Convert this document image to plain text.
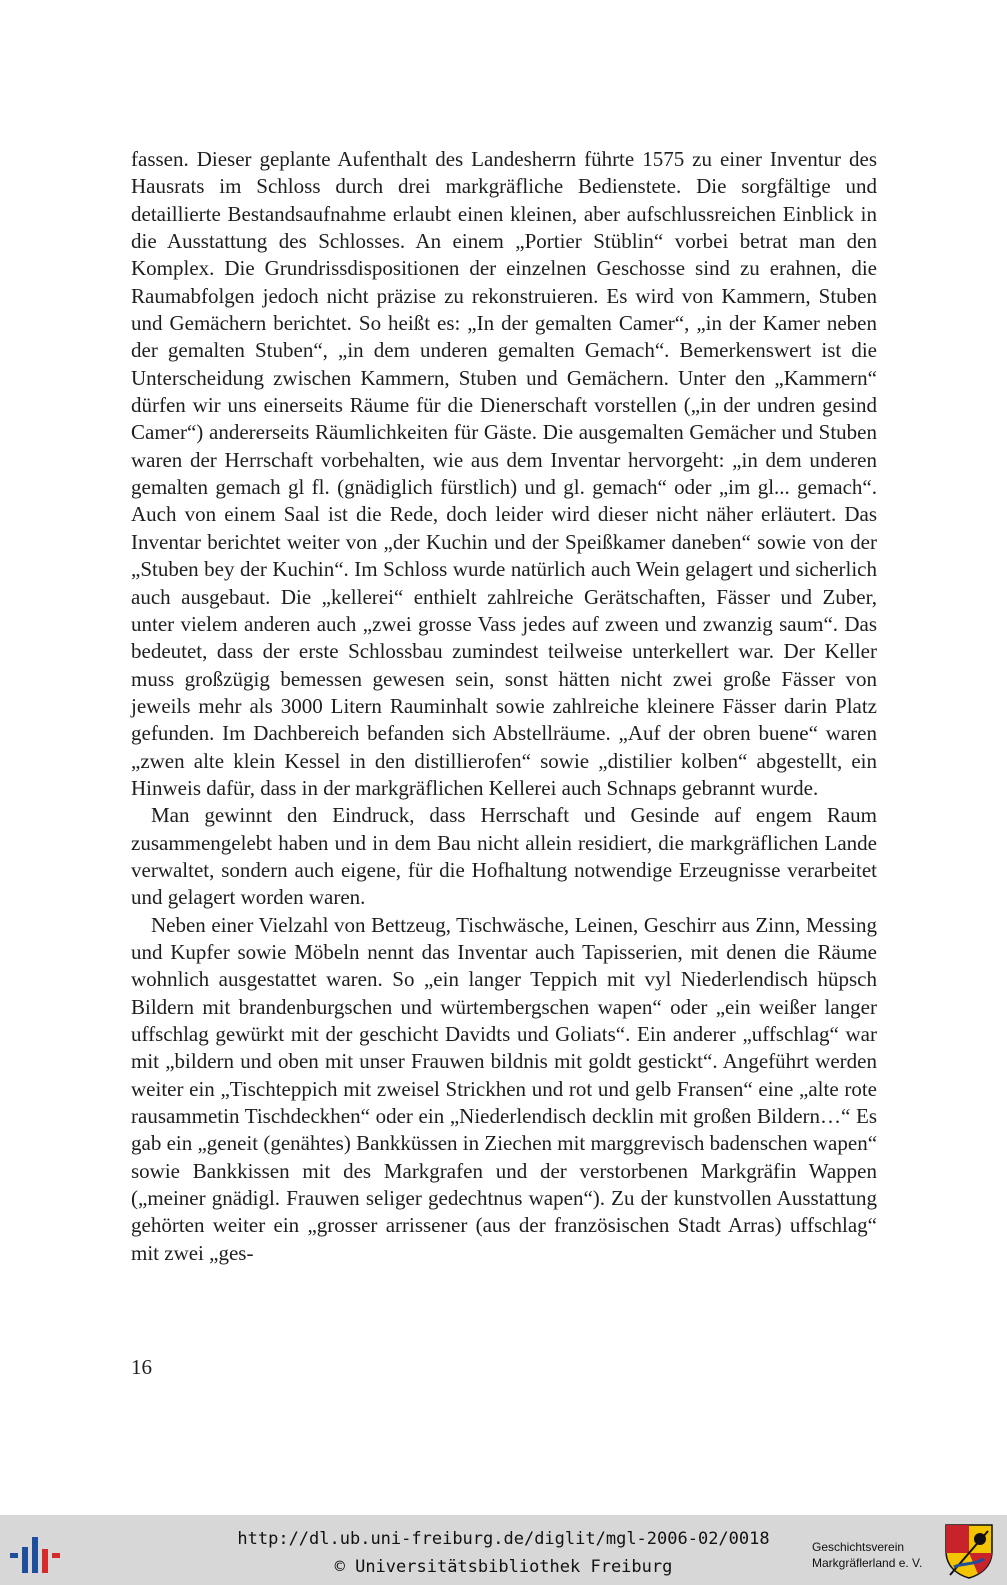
fassen. Dieser geplante Aufenthalt des Landesherrn führte 1575 zu einer Inventur des Hausrats im Schloss durch drei markgräfliche Bedienstete. Die sorgfältige und detaillierte Bestandsaufnahme erlaubt einen kleinen, aber aufschlussreichen Einblick in die Ausstattung des Schlosses. An einem „Portier Stüblin“ vorbei betrat man den Komplex. Die Grundrissdispositionen der einzelnen Geschosse sind zu erahnen, die Raumabfolgen jedoch nicht präzise zu rekonstruieren. Es wird von Kammern, Stuben und Gemächern berichtet. So heißt es: „In der gemalten Camer“, „in der Kamer neben der gemalten Stuben“, „in dem underen gemalten Gemach“. Bemerkenswert ist die Unterscheidung zwischen Kammern, Stuben und Gemächern. Unter den „Kammern“ dürfen wir uns einerseits Räume für die Dienerschaft vorstellen („in der undren gesind Camer“) andererseits Räumlichkeiten für Gäste. Die ausgemalten Gemächer und Stuben waren der Herrschaft vorbehalten, wie aus dem Inventar hervorgeht: „in dem underen gemalten gemach gl fl. (gnädiglich fürstlich) und gl. gemach“ oder „im gl... gemach“. Auch von einem Saal ist die Rede, doch leider wird dieser nicht näher erläutert. Das Inventar berichtet weiter von „der Kuchin und der Speißkamer daneben“ sowie von der „Stuben bey der Kuchin“. Im Schloss wurde natürlich auch Wein gelagert und sicherlich auch ausgebaut. Die „kellerei“ enthielt zahlreiche Gerätschaften, Fässer und Zuber, unter vielem anderen auch „zwei grosse Vass jedes auf zween und zwanzig saum“. Das bedeutet, dass der erste Schlossbau zumindest teilweise unterkellert war. Der Keller muss großzügig bemessen gewesen sein, sonst hätten nicht zwei große Fässer von jeweils mehr als 3000 Litern Rauminhalt sowie zahlreiche kleinere Fässer darin Platz gefunden. Im Dachbereich befanden sich Abstellräume. „Auf der obren buene“ waren „zwen alte klein Kessel in den distillierofen“ sowie „distilier kolben“ abgestellt, ein Hinweis dafür, dass in der markgräflichen Kellerei auch Schnaps gebrannt wurde.

Man gewinnt den Eindruck, dass Herrschaft und Gesinde auf engem Raum zusammengelebt haben und in dem Bau nicht allein residiert, die markgräflichen Lande verwaltet, sondern auch eigene, für die Hofhaltung notwendige Erzeugnisse verarbeitet und gelagert worden waren.

Neben einer Vielzahl von Bettzeug, Tischwäsche, Leinen, Geschirr aus Zinn, Messing und Kupfer sowie Möbeln nennt das Inventar auch Tapisserien, mit denen die Räume wohnlich ausgestattet waren. So „ein langer Teppich mit vyl Niederlendisch hüpsch Bildern mit brandenburgschen und würtembergschen wapen“ oder „ein weißer langer uffschlag gewürkt mit der geschicht Davidts und Goliats“. Ein anderer „uffschlag“ war mit „bildern und oben mit unser Frauwen bildnis mit goldt gestickt“. Angeführt werden weiter ein „Tischteppich mit zweisel Strickhen und rot und gelb Fransen“ eine „alte rote rausammetin Tischdeckhen“ oder ein „Niederlendisch decklin mit großen Bildern…“ Es gab ein „geneit (genähtes) Bankküssen in Ziechen mit marggrevisch badenschen wapen“ sowie Bankkissen mit des Markgrafen und der verstorbenen Markgräfin Wappen („meiner gnädigl. Frauwen seliger gedechtnus wapen“). Zu der kunstvollen Ausstattung gehörten weiter ein „grosser arrissener (aus der französischen Stadt Arras) uffschlag“ mit zwei „ges-

16
http://dl.ub.uni-freiburg.de/diglit/mgl-2006-02/0018
© Universitätsbibliothek Freiburg
Geschichtsverein
Markgräflerland e. V.
